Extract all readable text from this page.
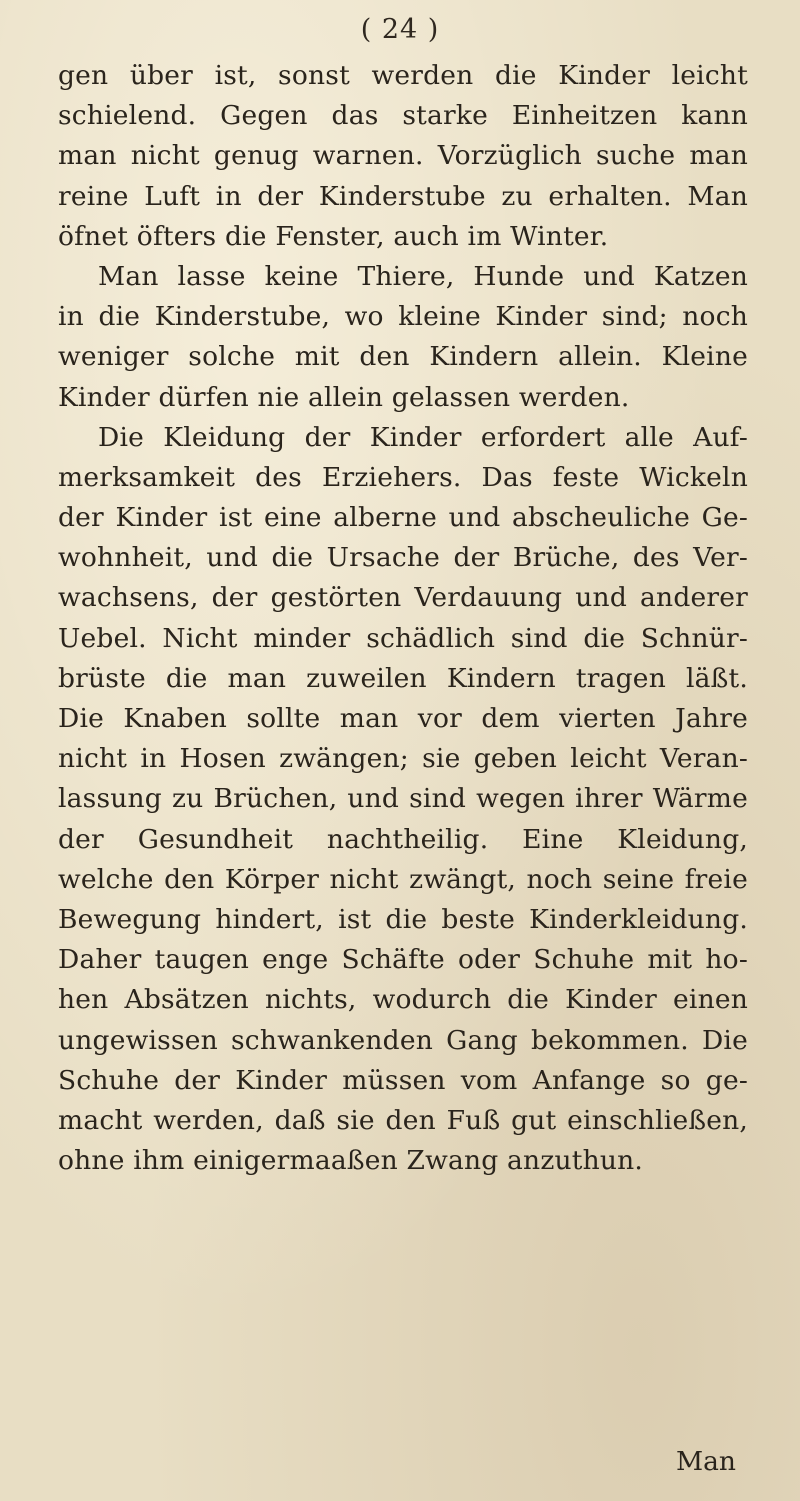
( 24 )
gen über ist, sonst werden die Kinder leicht
schielend. Gegen das starke Einheitzen kann
man nicht genug warnen. Vorzüglich suche man
reine Luft in der Kinderstube zu erhalten. Man
öfnet öfters die Fenster, auch im Winter.
Man lasse keine Thiere, Hunde und Katzen
in die Kinderstube, wo kleine Kinder sind; noch
weniger solche mit den Kindern allein. Kleine
Kinder dürfen nie allein gelassen werden.
Die Kleidung der Kinder erfordert alle Auf-
merksamkeit des Erziehers. Das feste Wickeln
der Kinder ist eine alberne und abscheuliche Ge-
wohnheit, und die Ursache der Brüche, des Ver-
wachsens, der gestörten Verdauung und anderer
Uebel. Nicht minder schädlich sind die Schnür-
brüste die man zuweilen Kindern tragen läßt.
Die Knaben sollte man vor dem vierten Jahre
nicht in Hosen zwängen; sie geben leicht Veran-
lassung zu Brüchen, und sind wegen ihrer Wärme
der Gesundheit nachtheilig. Eine Kleidung,
welche den Körper nicht zwängt, noch seine freie
Bewegung hindert, ist die beste Kinderkleidung.
Daher taugen enge Schäfte oder Schuhe mit ho-
hen Absätzen nichts, wodurch die Kinder einen
ungewissen schwankenden Gang bekommen. Die
Schuhe der Kinder müssen vom Anfange so ge-
macht werden, daß sie den Fuß gut einschließen,
ohne ihm einigermaaßen Zwang anzuthun.
Man
